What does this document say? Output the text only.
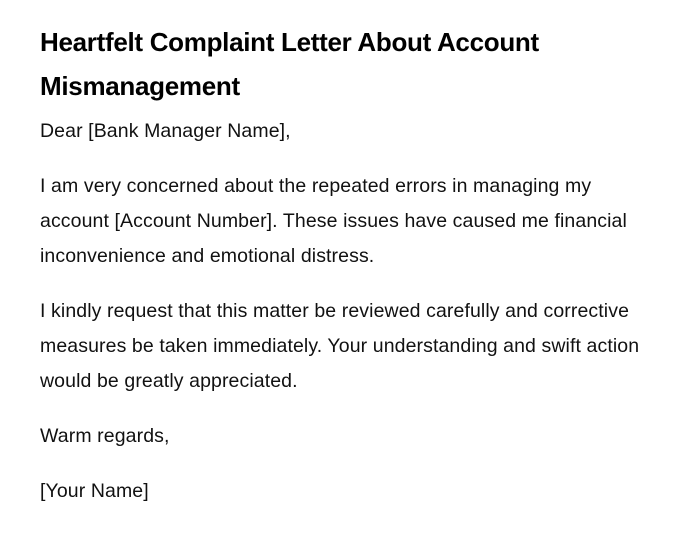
Heartfelt Complaint Letter About Account Mismanagement

Dear [Bank Manager Name],

I am very concerned about the repeated errors in managing my account [Account Number]. These issues have caused me financial inconvenience and emotional distress.

I kindly request that this matter be reviewed carefully and corrective measures be taken immediately. Your understanding and swift action would be greatly appreciated.

Warm regards,

[Your Name]
